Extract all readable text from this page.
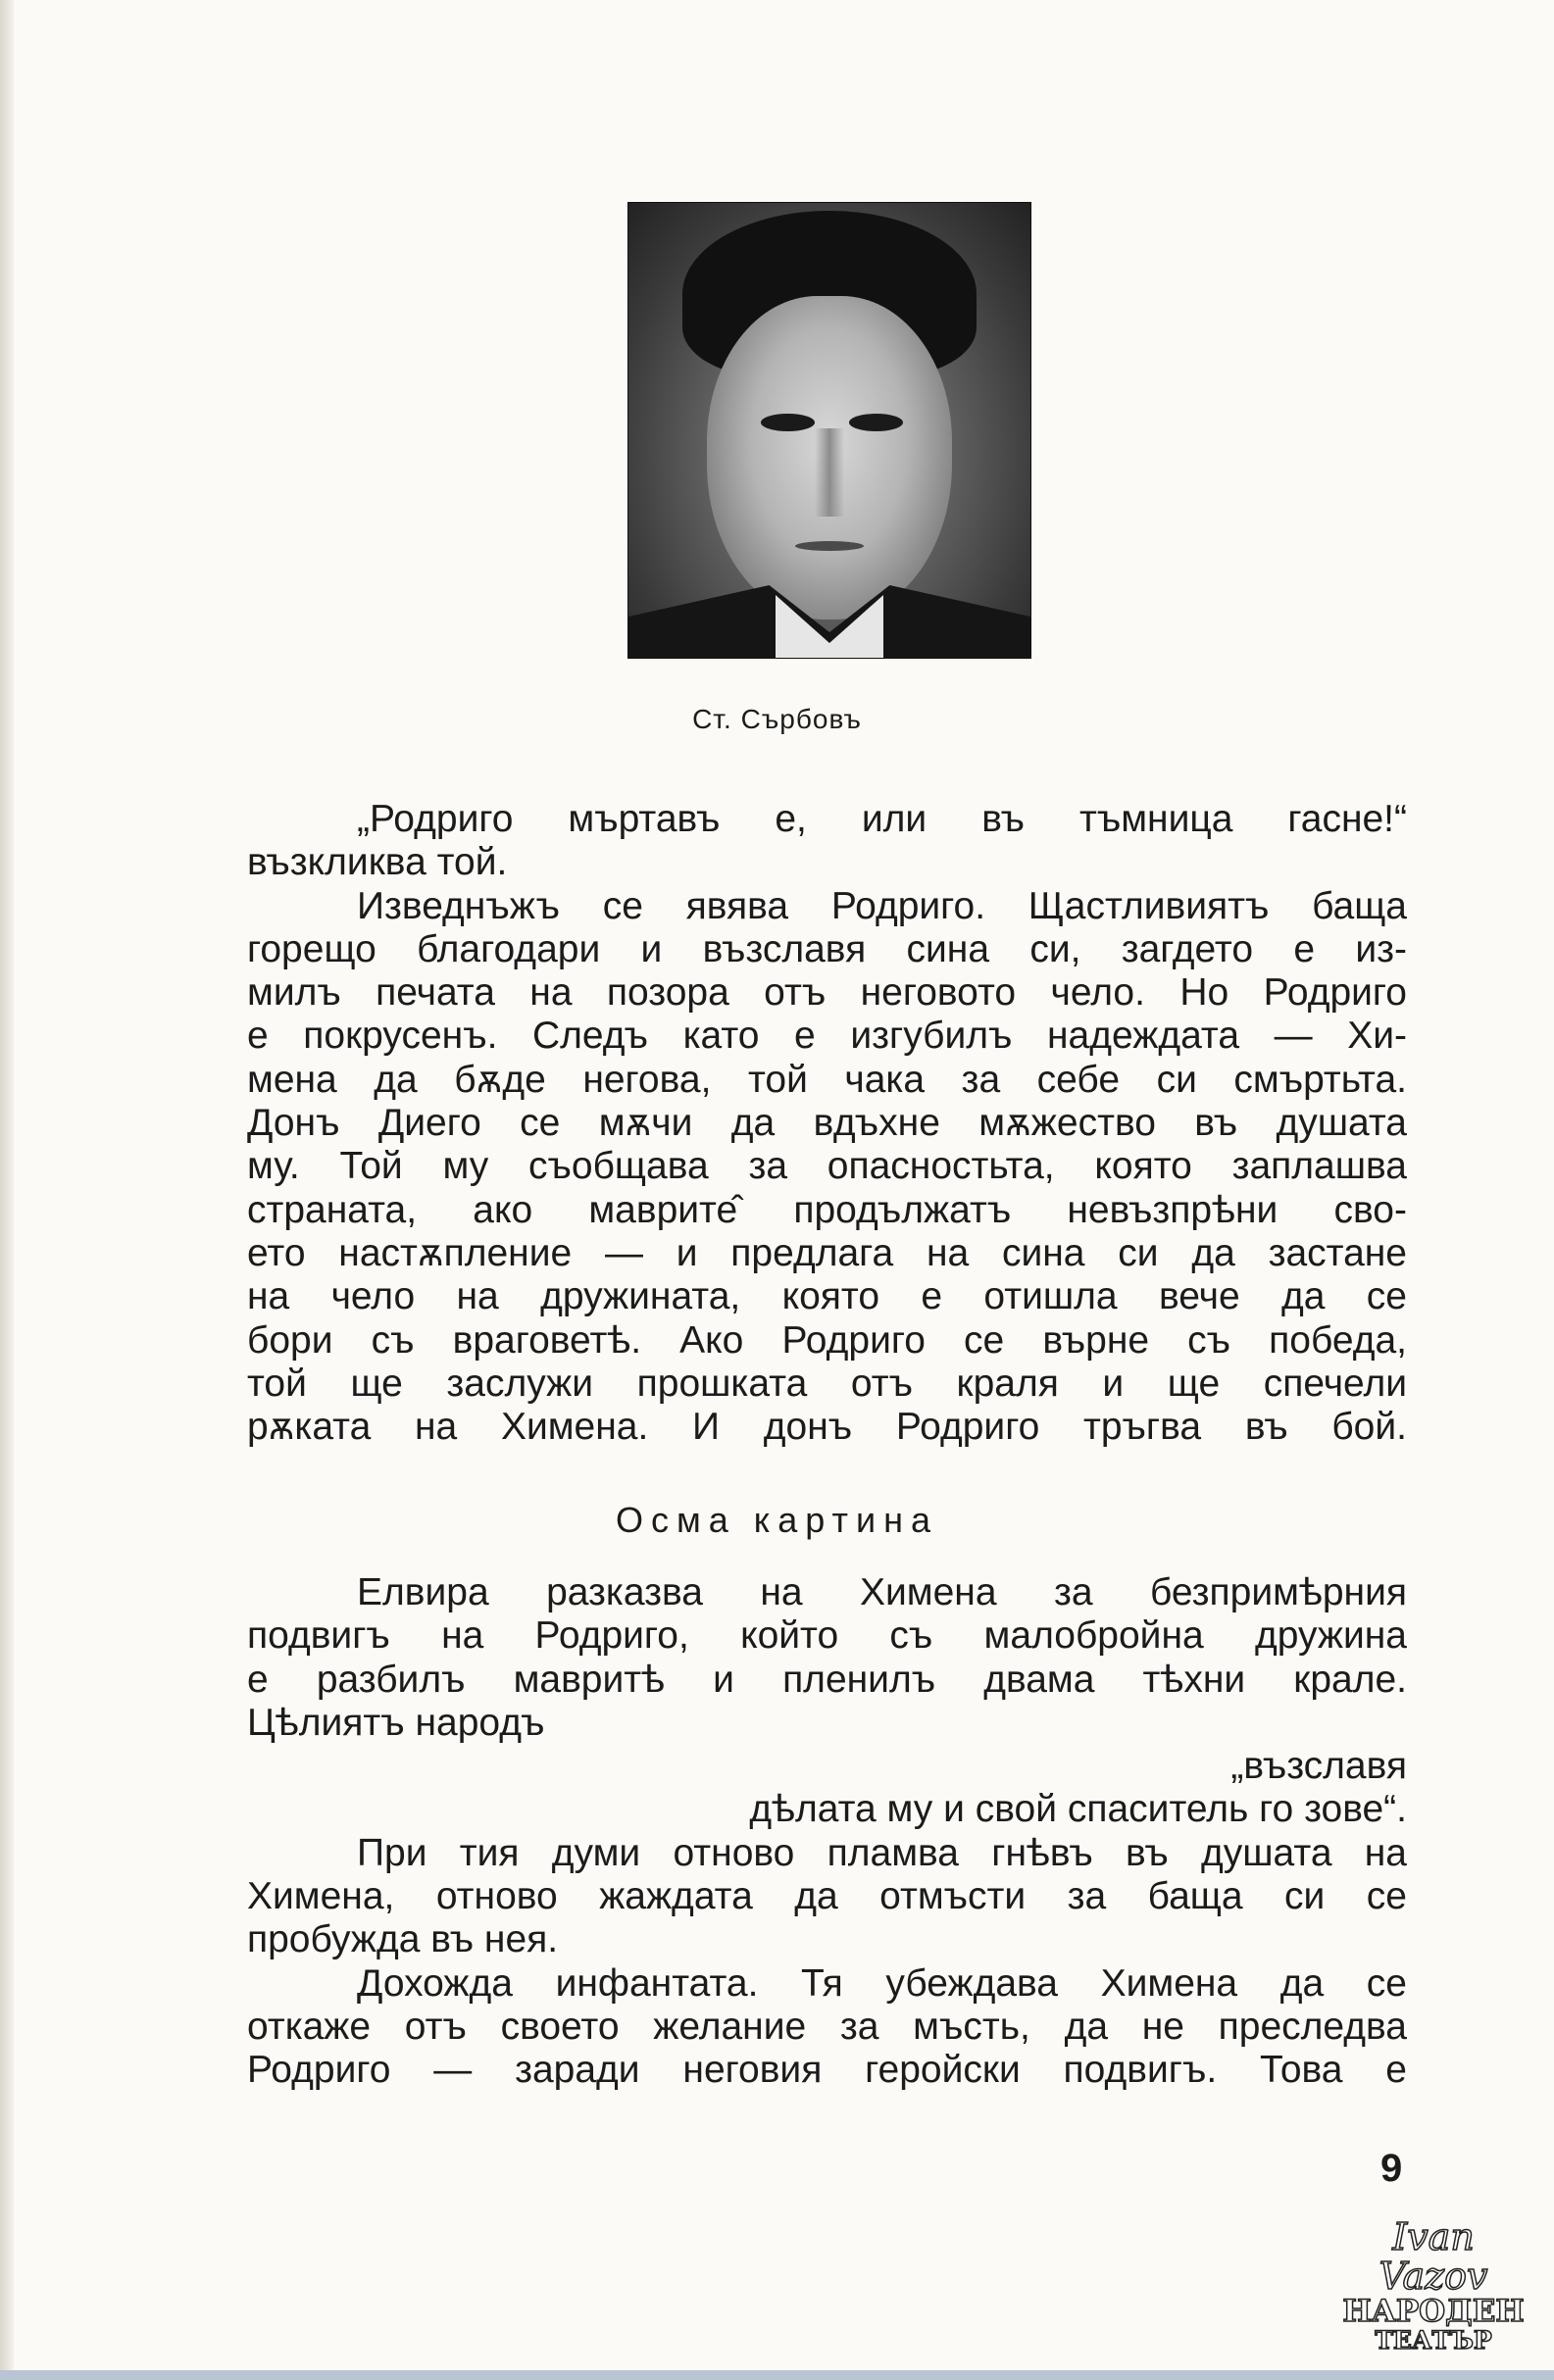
Ст. Сърбовъ
„Родриго мъртавъ е, или въ тъмница гасне!“
възкликва той.
Изведнъжъ се явява Родриго. Щастливиятъ баща
горещо благодари и възславя сина си, загдето е из-
милъ печата на позора отъ неговото чело. Но Родриго
е покрусенъ. Следъ като е изгубилъ надеждата — Хи-
мена да бѫде негова, той чака за себе си смъртьта.
Донъ Диего се мѫчи да вдъхне мѫжество въ душата
му. Той му съобщава за опасностьта, която заплашва
страната, ако маврите̂ продължатъ невъзпрѣни сво-
ето настѫпление — и предлага на сина си да застане
на чело на дружината, която е отишла вече да се
бори съ враговетѣ. Ако Родриго се върне съ победа,
той ще заслужи прошката отъ краля и ще спечели
рѫката на Химена. И донъ Родриго тръгва въ бой.
Осма картина
Елвира разказва на Химена за безпримѣрния
подвигъ на Родриго, който съ малобройна дружина
е разбилъ мавритѣ и пленилъ двама тѣхни крале.
Цѣлиятъ народъ
„възславя
дѣлата му и свой спаситель го зове“.
При тия думи отново пламва гнѣвъ въ душата на
Химена, отново жаждата да отмъсти за баща си се
пробужда въ нея.
Дохожда инфантата. Тя убеждава Химена да се
откаже отъ своето желание за мъсть, да не преследва
Родриго — заради неговия геройски подвигъ. Това е
9
Ivan Vazov
НАРОДЕН
ТЕАТЪР
